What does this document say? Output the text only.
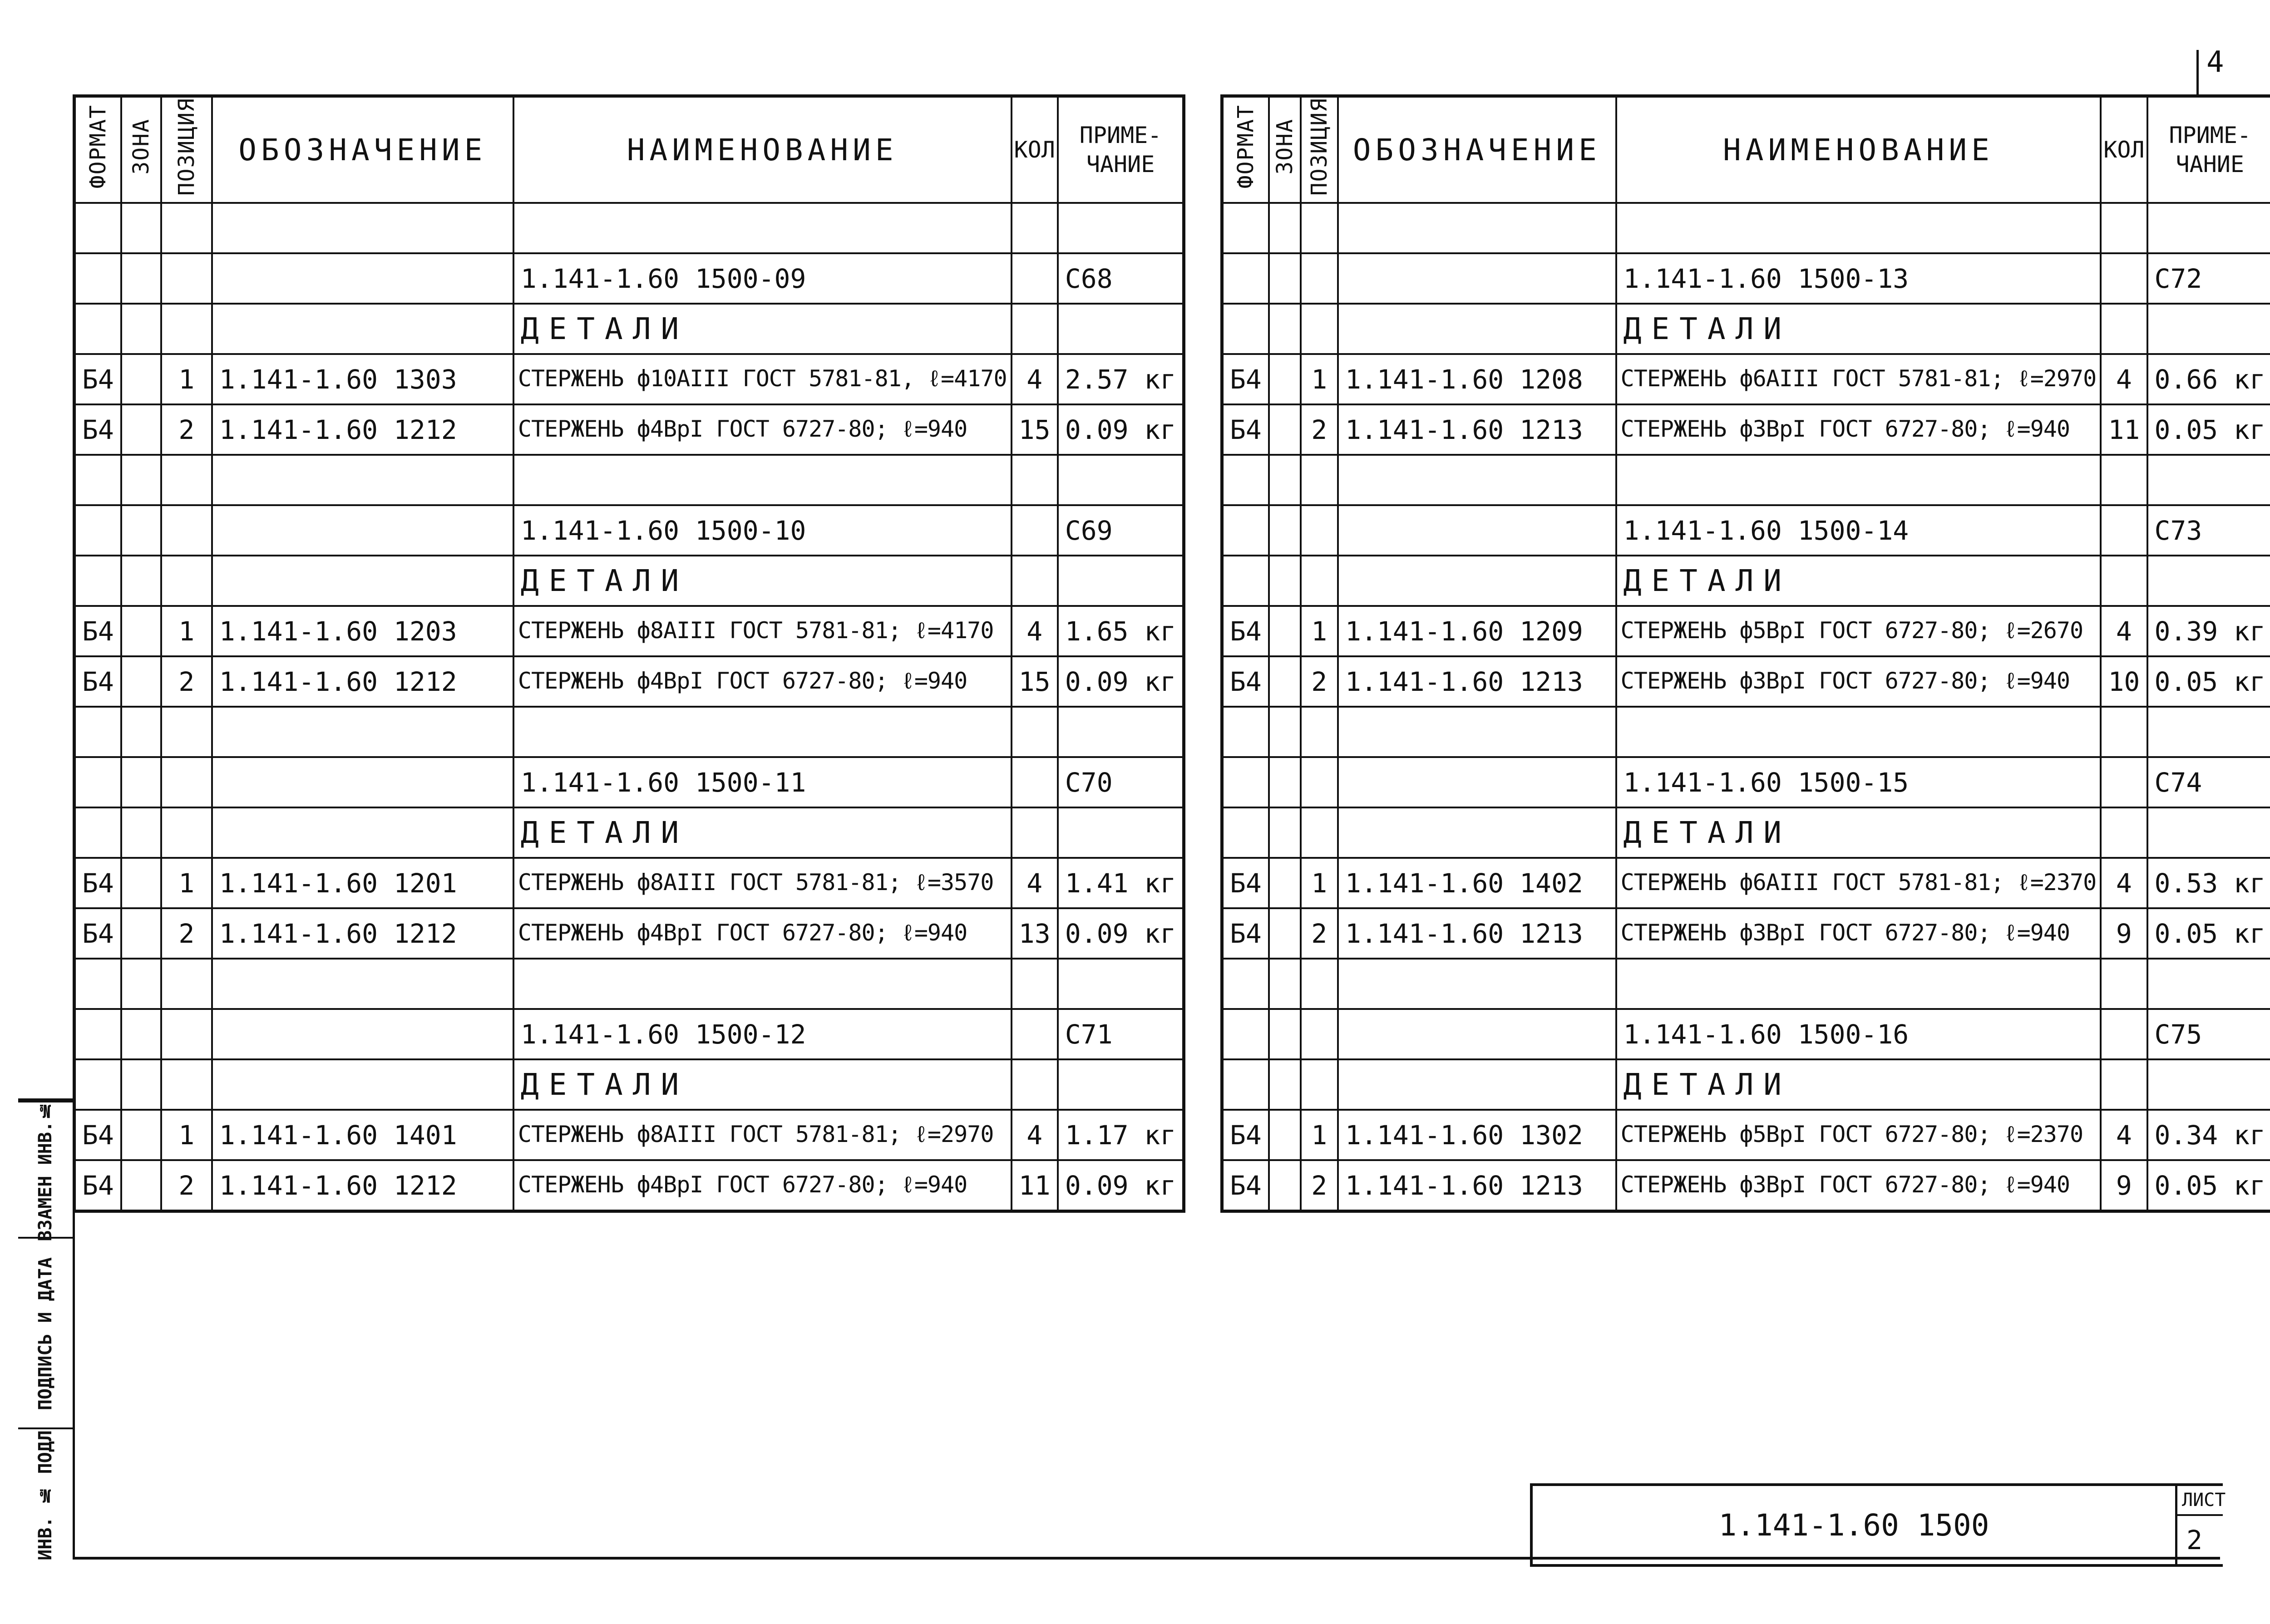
4
ФОРМАТ	ЗОНА	ПОЗИЦИЯ	ОБОЗНАЧЕНИЕ	НАИМЕНОВАНИЕ	КОЛ	ПРИМЕ-ЧАНИЕ

				1.141-1.60 1500-09		С68
				ДЕТАЛИ		
Б4		1	1.141-1.60 1303	СТЕРЖЕНЬ ф10АIII ГОСТ 5781-81, ℓ=4170	4	2.57 кг
Б4		2	1.141-1.60 1212	СТЕРЖЕНЬ ф4ВрI ГОСТ 6727-80; ℓ=940	15	0.09 кг

				1.141-1.60 1500-10		С69
				ДЕТАЛИ		
Б4		1	1.141-1.60 1203	СТЕРЖЕНЬ ф8АIII ГОСТ 5781-81; ℓ=4170	4	1.65 кг
Б4		2	1.141-1.60 1212	СТЕРЖЕНЬ ф4ВрI ГОСТ 6727-80; ℓ=940	15	0.09 кг

				1.141-1.60 1500-11		С70
				ДЕТАЛИ		
Б4		1	1.141-1.60 1201	СТЕРЖЕНЬ ф8АIII ГОСТ 5781-81; ℓ=3570	4	1.41 кг
Б4		2	1.141-1.60 1212	СТЕРЖЕНЬ ф4ВрI ГОСТ 6727-80; ℓ=940	13	0.09 кг

				1.141-1.60 1500-12		С71
				ДЕТАЛИ		
Б4		1	1.141-1.60 1401	СТЕРЖЕНЬ ф8АIII ГОСТ 5781-81; ℓ=2970	4	1.17 кг
Б4		2	1.141-1.60 1212	СТЕРЖЕНЬ ф4ВрI ГОСТ 6727-80; ℓ=940	11	0.09 кг
ФОРМАТ	ЗОНА	ПОЗИЦИЯ	ОБОЗНАЧЕНИЕ	НАИМЕНОВАНИЕ	КОЛ	ПРИМЕ-ЧАНИЕ

				1.141-1.60 1500-13		С72
				ДЕТАЛИ		
Б4		1	1.141-1.60 1208	СТЕРЖЕНЬ ф6АIII ГОСТ 5781-81; ℓ=2970	4	0.66 кг
Б4		2	1.141-1.60 1213	СТЕРЖЕНЬ ф3ВрI ГОСТ 6727-80; ℓ=940	11	0.05 кг

				1.141-1.60 1500-14		С73
				ДЕТАЛИ		
Б4		1	1.141-1.60 1209	СТЕРЖЕНЬ ф5ВрI ГОСТ 6727-80; ℓ=2670	4	0.39 кг
Б4		2	1.141-1.60 1213	СТЕРЖЕНЬ ф3ВрI ГОСТ 6727-80; ℓ=940	10	0.05 кг

				1.141-1.60 1500-15		С74
				ДЕТАЛИ		
Б4		1	1.141-1.60 1402	СТЕРЖЕНЬ ф6АIII ГОСТ 5781-81; ℓ=2370	4	0.53 кг
Б4		2	1.141-1.60 1213	СТЕРЖЕНЬ ф3ВрI ГОСТ 6727-80; ℓ=940	9	0.05 кг

				1.141-1.60 1500-16		С75
				ДЕТАЛИ		
Б4		1	1.141-1.60 1302	СТЕРЖЕНЬ ф5ВрI ГОСТ 6727-80; ℓ=2370	4	0.34 кг
Б4		2	1.141-1.60 1213	СТЕРЖЕНЬ ф3ВрI ГОСТ 6727-80; ℓ=940	9	0.05 кг
ВЗАМЕН ИНВ.№
ПОДПИСЬ И ДАТА
ИНВ. № ПОДЛ	1.141-1.60 1500
ЛИСТ
2
